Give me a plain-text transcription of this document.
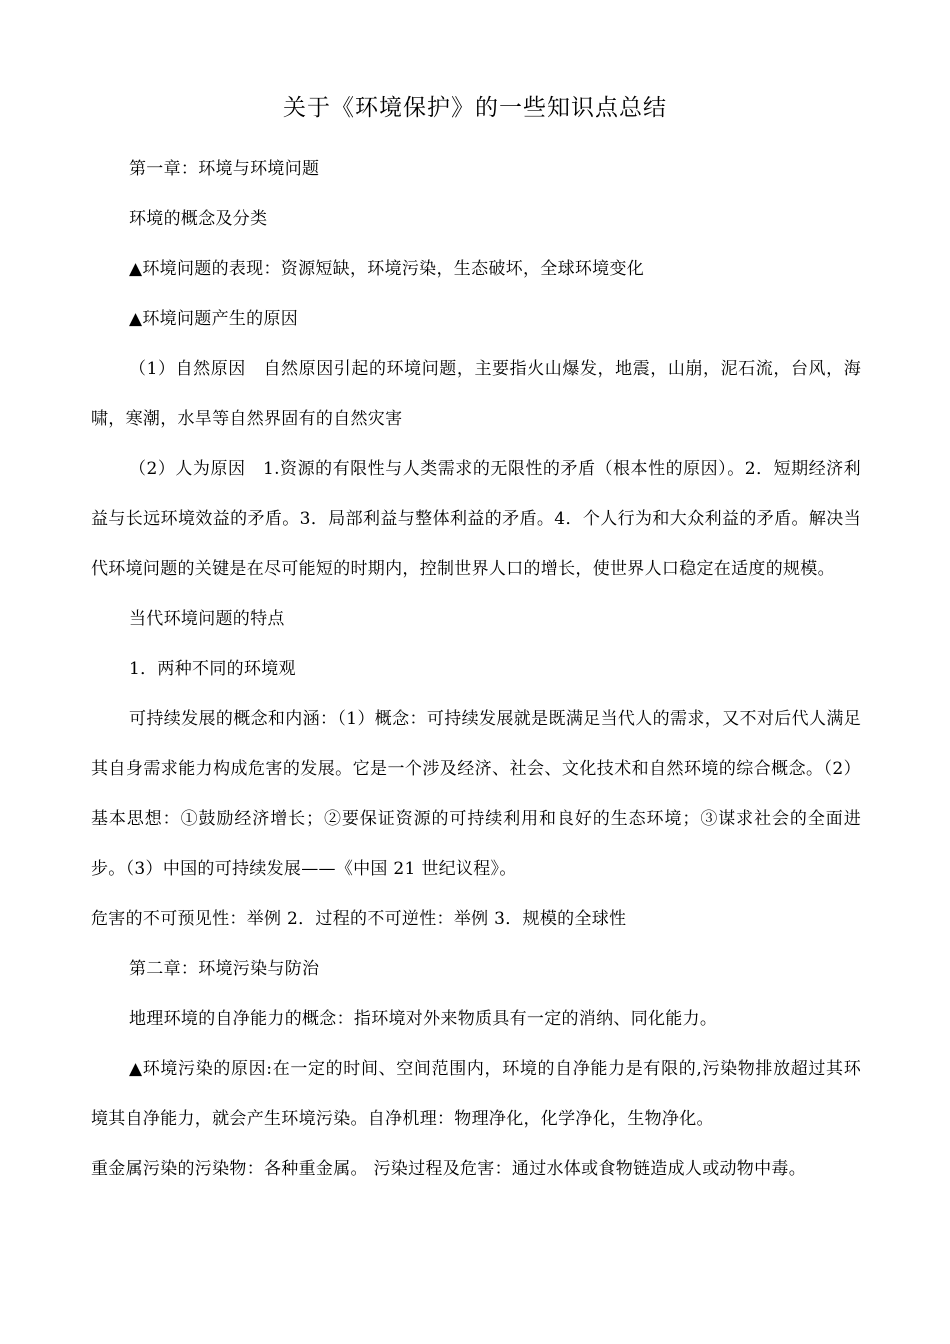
关于《环境保护》的一些知识点总结

第一章：环境与环境问题

环境的概念及分类

▲环境问题的表现：资源短缺，环境污染，生态破坏，全球环境变化

▲环境问题产生的原因

（1）自然原因　自然原因引起的环境问题，主要指火山爆发，地震，山崩，泥石流，台风，海啸，寒潮，水旱等自然界固有的自然灾害

（2）人为原因　1.资源的有限性与人类需求的无限性的矛盾（根本性的原因）。2．短期经济利益与长远环境效益的矛盾。3．局部利益与整体利益的矛盾。4．个人行为和大众利益的矛盾。解决当代环境问题的关键是在尽可能短的时期内，控制世界人口的增长，使世界人口稳定在适度的规模。

当代环境问题的特点

1．两种不同的环境观

可持续发展的概念和内涵：（1）概念：可持续发展就是既满足当代人的需求，又不对后代人满足其自身需求能力构成危害的发展。它是一个涉及经济、社会、文化技术和自然环境的综合概念。（2）基本思想：①鼓励经济增长；②要保证资源的可持续利用和良好的生态环境；③谋求社会的全面进步。（3）中国的可持续发展——《中国 21 世纪议程》。

危害的不可预见性：举例 2．过程的不可逆性：举例 3．规模的全球性

第二章：环境污染与防治

地理环境的自净能力的概念：指环境对外来物质具有一定的消纳、同化能力。

▲环境污染的原因:在一定的时间、空间范围内，环境的自净能力是有限的,污染物排放超过其环境其自净能力，就会产生环境污染。自净机理：物理净化，化学净化，生物净化。

重金属污染的污染物：各种重金属。 污染过程及危害：通过水体或食物链造成人或动物中毒。
